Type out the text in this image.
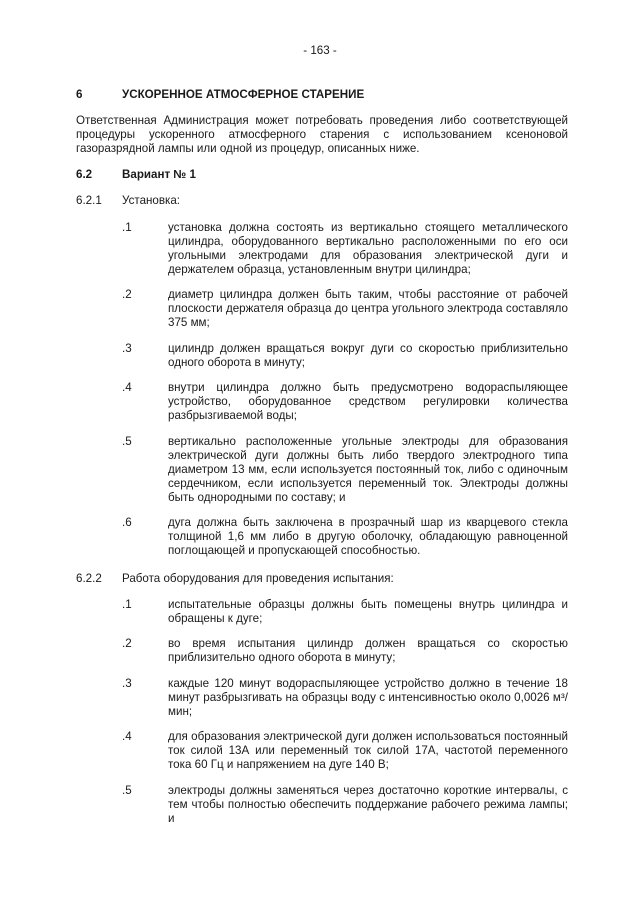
- 163 -
6	УСКОРЕННОЕ АТМОСФЕРНОЕ СТАРЕНИЕ
Ответственная Администрация может потребовать проведения либо соответствующей процедуры ускоренного атмосферного старения с использованием ксеноновой газоразрядной лампы или одной из процедур, описанных ниже.
6.2	Вариант № 1
6.2.1 Установка:
.1	установка должна состоять из вертикально стоящего металлического цилиндра, оборудованного вертикально расположенными по его оси угольными электродами для образования электрической дуги и держателем образца, установленным внутри цилиндра;
.2	диаметр цилиндра должен быть таким, чтобы расстояние от рабочей плоскости держателя образца до центра угольного электрода составляло 375 мм;
.3	цилиндр должен вращаться вокруг дуги со скоростью приблизительно одного оборота в минуту;
.4	внутри цилиндра должно быть предусмотрено водораспыляющее устройство, оборудованное средством регулировки количества разбрызгиваемой воды;
.5	вертикально расположенные угольные электроды для образования электрической дуги должны быть либо твердого электродного типа диаметром 13 мм, если используется постоянный ток, либо с одиночным сердечником, если используется переменный ток. Электроды должны быть однородными по составу; и
.6	дуга должна быть заключена в прозрачный шар из кварцевого стекла толщиной 1,6 мм либо в другую оболочку, обладающую равноценной поглощающей и пропускающей способностью.
6.2.2 Работа оборудования для проведения испытания:
.1	испытательные образцы должны быть помещены внутрь цилиндра и обращены к дуге;
.2	во время испытания цилиндр должен вращаться со скоростью приблизительно одного оборота в минуту;
.3	каждые 120 минут водораспыляющее устройство должно в течение 18 минут разбрызгивать на образцы воду с интенсивностью около 0,0026 м³/мин;
.4	для образования электрической дуги должен использоваться постоянный ток силой 13А или переменный ток силой 17А, частотой переменного тока 60 Гц и напряжением на дуге 140 В;
.5	электроды должны заменяться через достаточно короткие интервалы, с тем чтобы полностью обеспечить поддержание рабочего режима лампы; и
